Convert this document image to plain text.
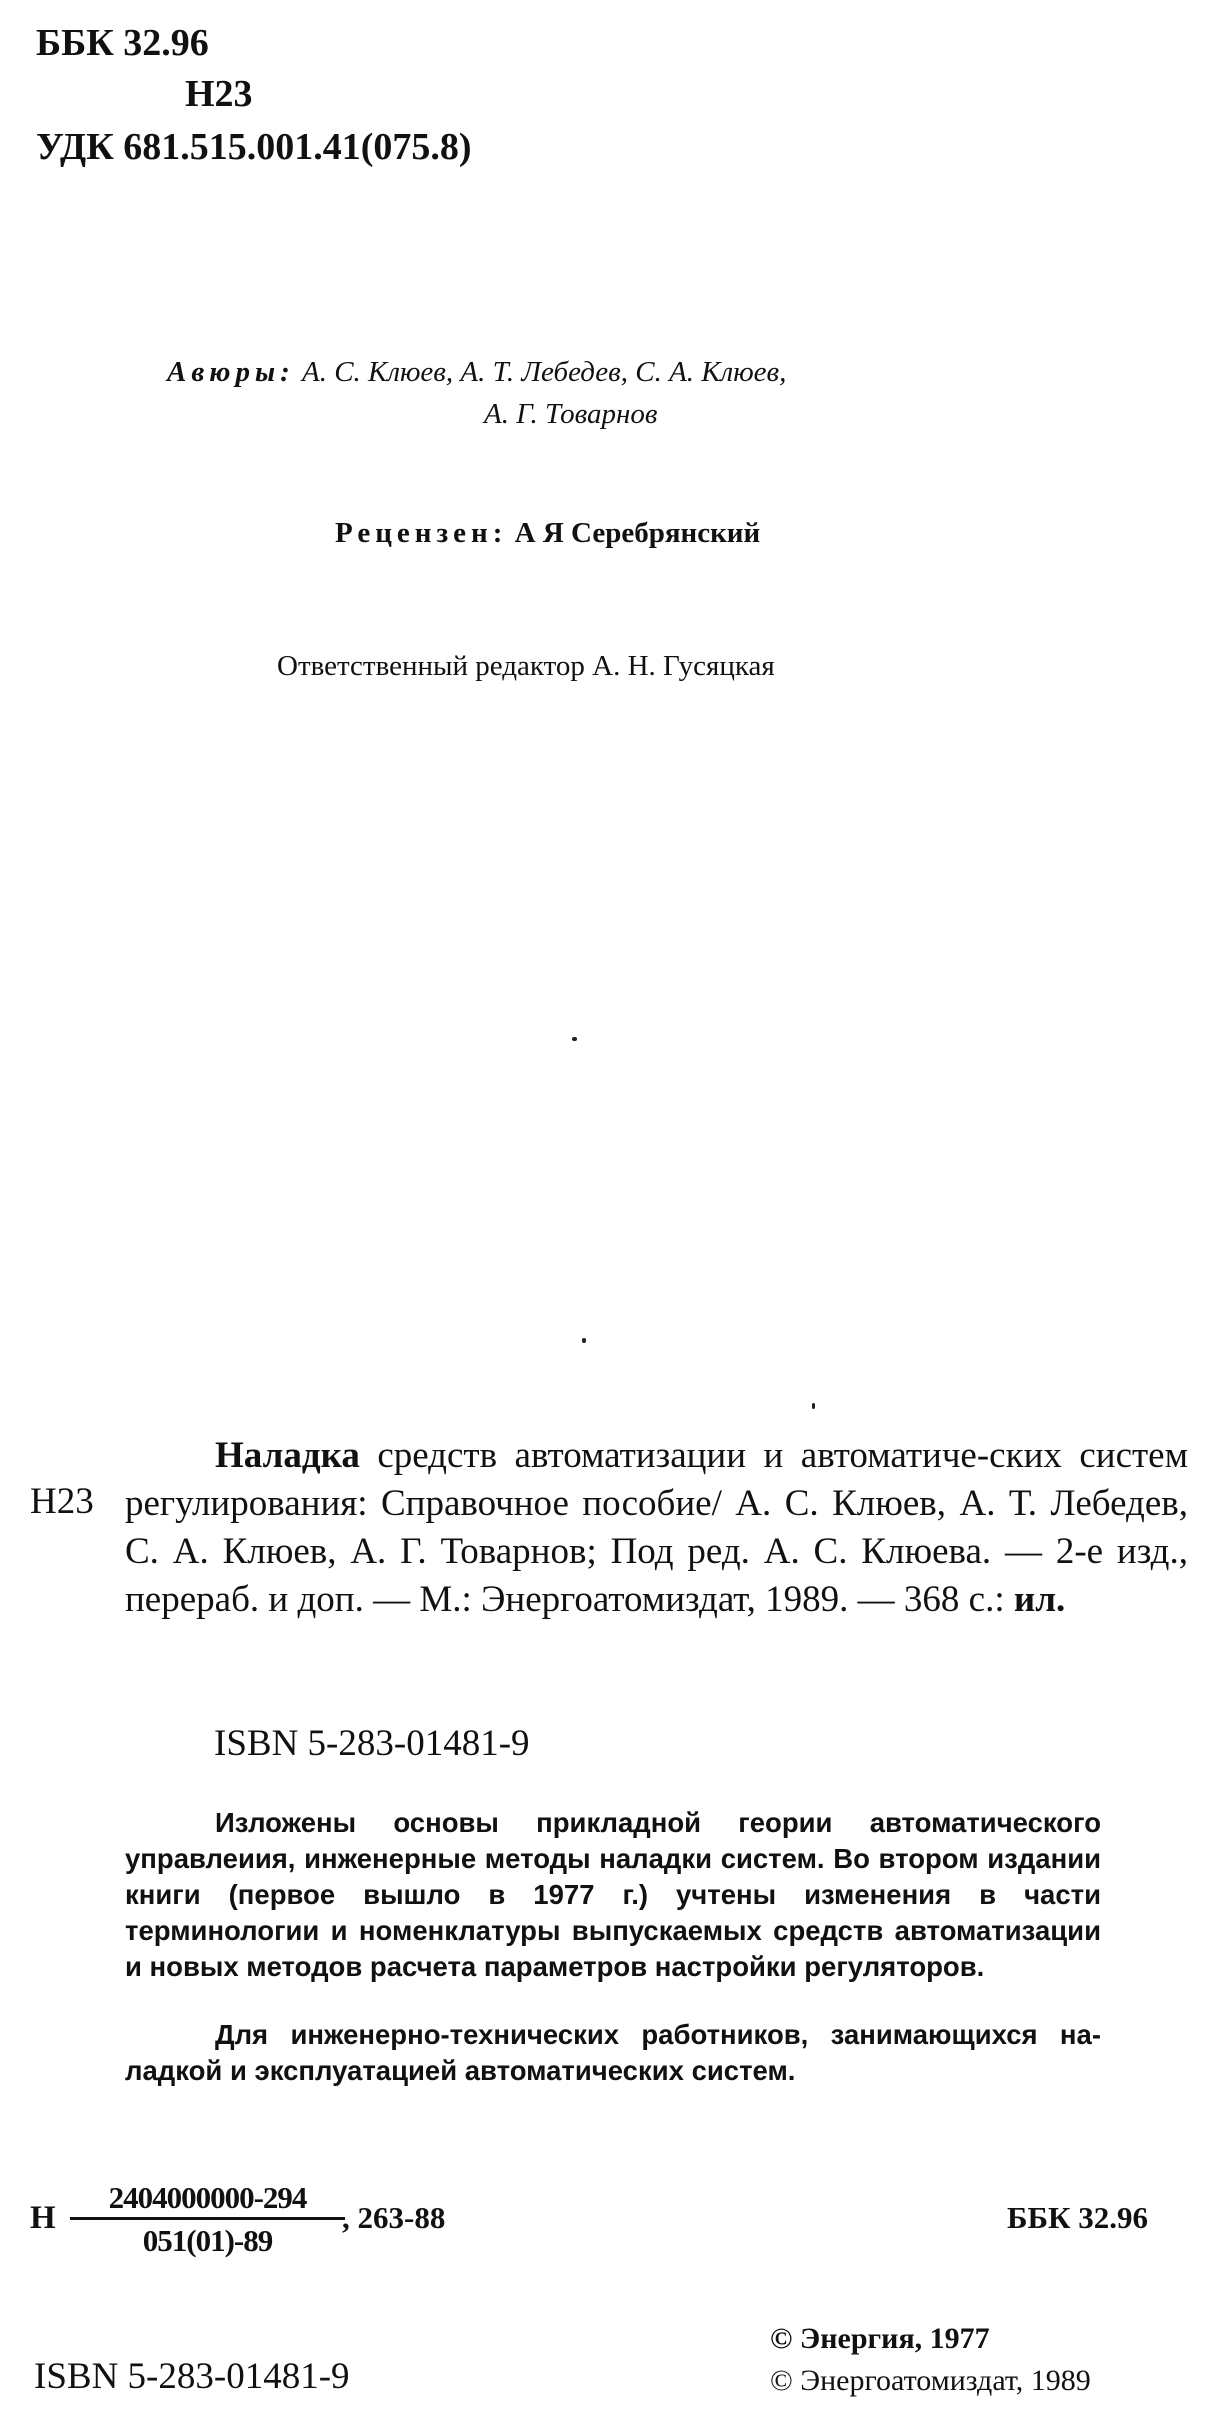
ББК 32.96
Н23
УДК 681.515.001.41(075.8)
Авюры: А. С. Клюев, А. Т. Лебедев, С. А. Клюев,
А. Г. Товарнов
Рецензен: А Я Серебрянский
Ответственный редактор А. Н. Гусяцкая
Н23
Наладка средств автоматизации и автоматиче-ских систем регулирования: Справочное пособие/ А. С. Клюев, А. Т. Лебедев, С. А. Клюев, А. Г. Товарнов; Под ред. А. С. Клюева. — 2-е изд., перераб. и доп. — М.: Энергоатомиздат, 1989. — 368 с.: ил.
ISBN 5-283-01481-9

Изложены основы прикладной геории автоматического управлеиия, инженерные методы наладки систем. Во втором издании книги (первое вышло в 1977 г.) учтены изменения в части терминологии и номенклатуры выпускаемых средств автоматизации и новых методов расчета параметров настройки регуляторов.

Для инженерно-технических работников, занимающихся на-ладкой и эксплуатацией автоматических систем.

Н
2404000000-294
051(01)-89
, 263-88	ББК 32.96
ISBN 5-283-01481-9
© Энергия, 1977
© Энергоатомиздат, 1989
